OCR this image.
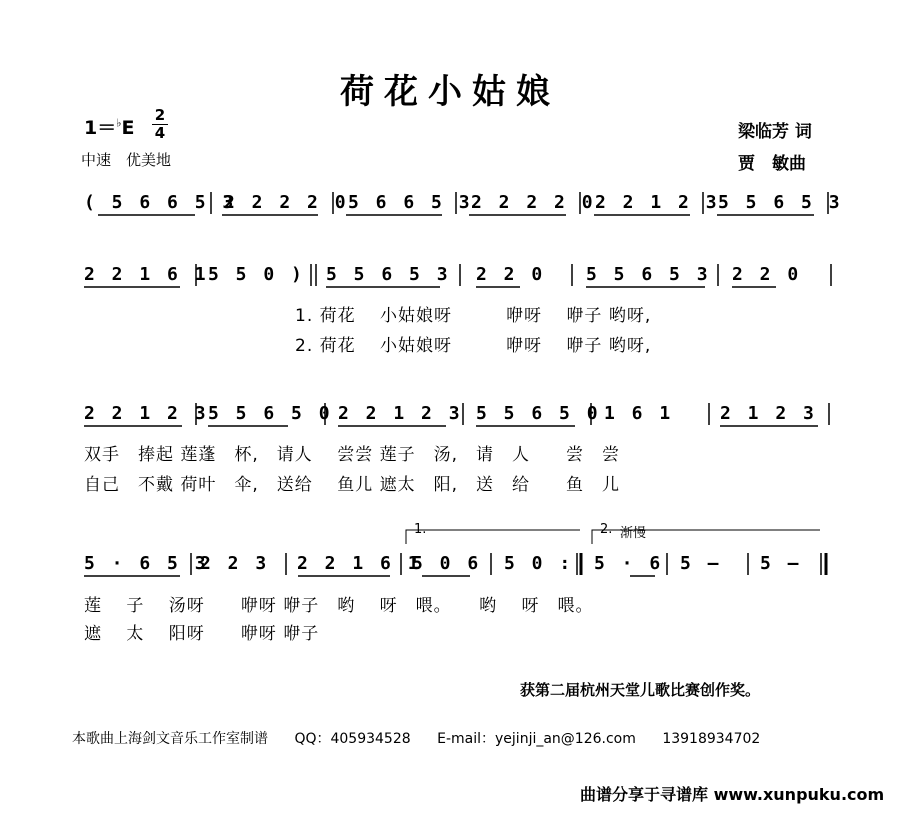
荷花小姑娘
1＝♭E
2
4
中速　优美地
梁临芳 词
贾　敏曲
( 5 6 6 5 3
2 2 2 2 0 5 6 6 5 3
2 2 2 2 0 2 2 1 2 3
5 5 6 5 3
2 2 1 6 1 5 5 0 ) 5 5 6 5 3 2 2 0 5 5 6 5 3 2 2 0
1. 荷花　 小姑娘呀　　　咿呀　 咿子 哟呀,
2. 荷花　 小姑娘呀　　　咿呀　 咿子 哟呀,
2 2 1 2 3 5 5 6 5 0 2 2 1 2 3 5 5 6 5 0 1 6 1	2 1 2 3
双手　捧起 莲蓬　杯,　请人　 尝尝 莲子　汤,　请　人　　尝　尝
自己　不戴 荷叶　伞,　送给　 鱼儿 遮太　阳,　送　给　　鱼　儿
1.	2. 渐慢
5 · 6 5 3
2 2 3 2 2 1 6 1
5 0 6 5 0 : 5 · 6 5 – 5 –
莲　 子　 汤呀　　咿呀 咿子　哟　 呀　喂。　　哟　 呀　喂。
遮　 太　 阳呀　　咿呀 咿子
获第二届杭州天堂儿歌比赛创作奖。
本歌曲上海剑文音乐工作室制谱 QQ：405934528 E-mail：yejinji_an@126.com 13918934702
曲谱分享于寻谱库 www.xunpuku.com
